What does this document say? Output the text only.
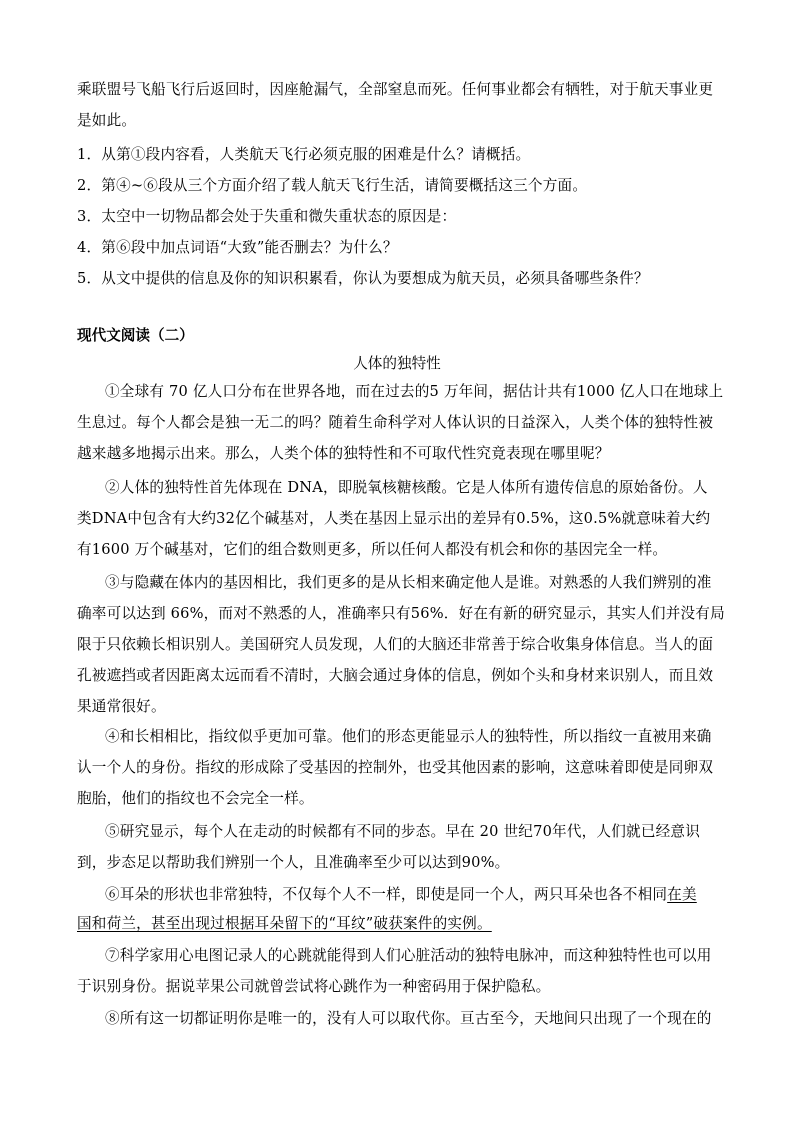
乘联盟号飞船飞行后返回时，因座舱漏气，全部窒息而死。任何事业都会有牺牲，对于航天事业更
是如此。
1．从第①段内容看，人类航天飞行必须克服的困难是什么？请概括。
2．第④~⑥段从三个方面介绍了载人航天飞行生活，请简要概括这三个方面。
3．太空中一切物品都会处于失重和微失重状态的原因是：
4．第⑥段中加点词语“大致”能否删去？为什么？
5．从文中提供的信息及你的知识积累看，你认为要想成为航天员，必须具备哪些条件？
现代文阅读（二）
人体的独特性
①全球有 70 亿人口分布在世界各地，而在过去的5 万年间，据估计共有1000 亿人口在地球上
生息过。每个人都会是独一无二的吗？随着生命科学对人体认识的日益深入，人类个体的独特性被
越来越多地揭示出来。那么，人类个体的独特性和不可取代性究竟表现在哪里呢？
②人体的独特性首先体现在 DNA，即脱氧核糖核酸。它是人体所有遗传信息的原始备份。人
类DNA中包含有大约32亿个碱基对，人类在基因上显示出的差异有0.5%，这0.5%就意味着大约
有1600 万个碱基对，它们的组合数则更多，所以任何人都没有机会和你的基因完全一样。
③与隐藏在体内的基因相比，我们更多的是从长相来确定他人是谁。对熟悉的人我们辨别的准
确率可以达到 66%，而对不熟悉的人，准确率只有56%．好在有新的研究显示，其实人们并没有局
限于只依赖长相识别人。美国研究人员发现，人们的大脑还非常善于综合收集身体信息。当人的面
孔被遮挡或者因距离太远而看不清时，大脑会通过身体的信息，例如个头和身材来识别人，而且效
果通常很好。
④和长相相比，指纹似乎更加可靠。他们的形态更能显示人的独特性，所以指纹一直被用来确
认一个人的身份。指纹的形成除了受基因的控制外，也受其他因素的影响，这意味着即使是同卵双
胞胎，他们的指纹也不会完全一样。
⑤研究显示，每个人在走动的时候都有不同的步态。早在 20 世纪70年代，人们就已经意识
到，步态足以帮助我们辨别一个人，且准确率至少可以达到90%。
⑥耳朵的形状也非常独特，不仅每个人不一样，即使是同一个人，两只耳朵也各不相同在美
国和荷兰，甚至出现过根据耳朵留下的“耳纹”破获案件的实例。
⑦科学家用心电图记录人的心跳就能得到人们心脏活动的独特电脉冲，而这种独特性也可以用
于识别身份。据说苹果公司就曾尝试将心跳作为一种密码用于保护隐私。
⑧所有这一切都证明你是唯一的，没有人可以取代你。亘古至今，天地间只出现了一个现在的
